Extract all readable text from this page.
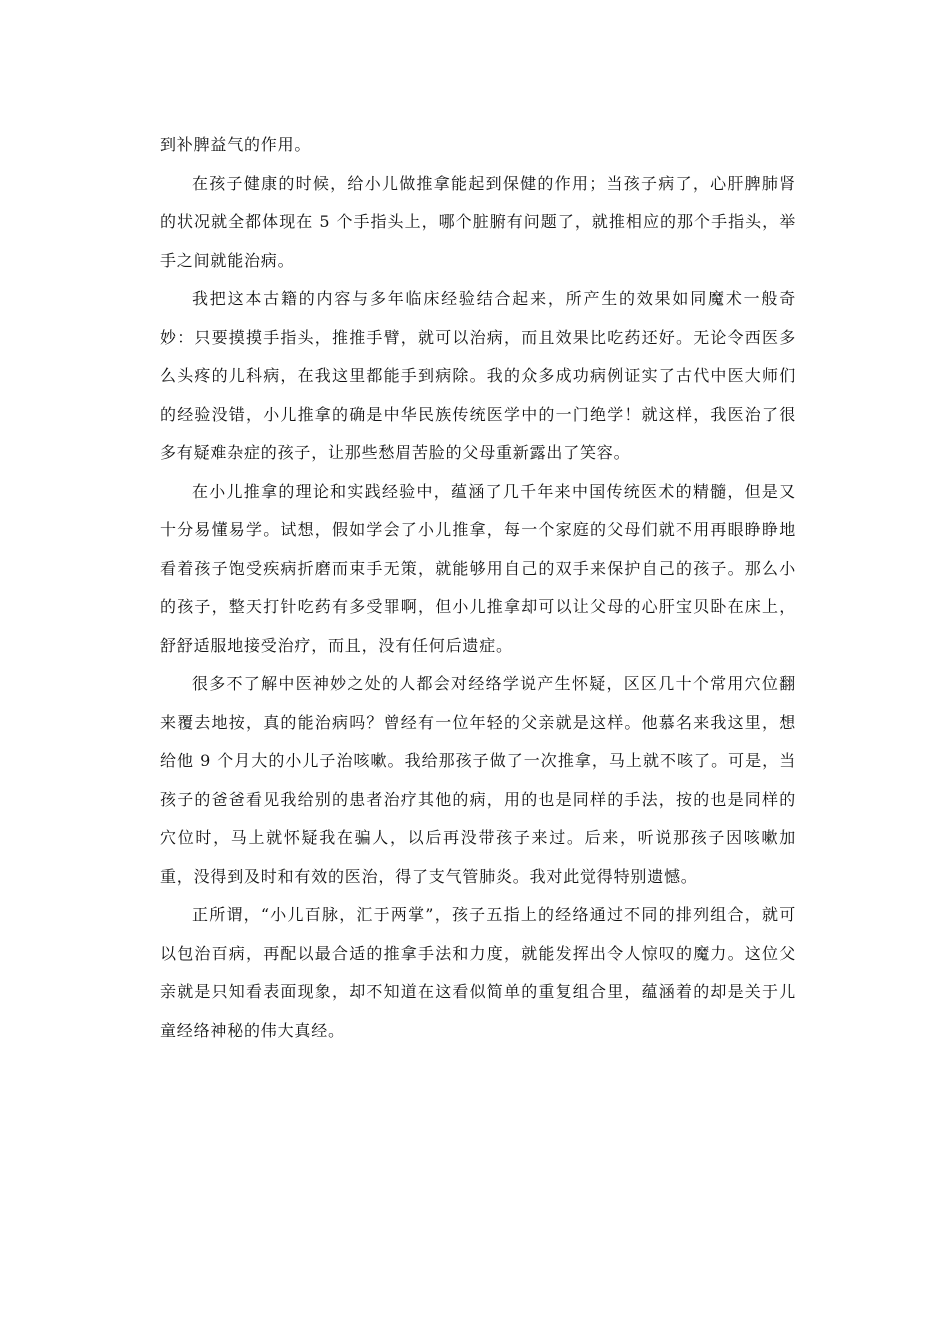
到补脾益气的作用。

在孩子健康的时候，给小儿做推拿能起到保健的作用；当孩子病了，心肝脾肺肾的状况就全都体现在 5 个手指头上，哪个脏腑有问题了，就推相应的那个手指头，举手之间就能治病。

我把这本古籍的内容与多年临床经验结合起来，所产生的效果如同魔术一般奇妙：只要摸摸手指头，推推手臂，就可以治病，而且效果比吃药还好。无论令西医多么头疼的儿科病，在我这里都能手到病除。我的众多成功病例证实了古代中医大师们的经验没错，小儿推拿的确是中华民族传统医学中的一门绝学！就这样，我医治了很多有疑难杂症的孩子，让那些愁眉苦脸的父母重新露出了笑容。

在小儿推拿的理论和实践经验中，蕴涵了几千年来中国传统医术的精髓，但是又十分易懂易学。试想，假如学会了小儿推拿，每一个家庭的父母们就不用再眼睁睁地看着孩子饱受疾病折磨而束手无策，就能够用自己的双手来保护自己的孩子。那么小的孩子，整天打针吃药有多受罪啊，但小儿推拿却可以让父母的心肝宝贝卧在床上，舒舒适服地接受治疗，而且，没有任何后遗症。

很多不了解中医神妙之处的人都会对经络学说产生怀疑，区区几十个常用穴位翻来覆去地按，真的能治病吗？曾经有一位年轻的父亲就是这样。他慕名来我这里，想给他 9 个月大的小儿子治咳嗽。我给那孩子做了一次推拿，马上就不咳了。可是，当孩子的爸爸看见我给别的患者治疗其他的病，用的也是同样的手法，按的也是同样的穴位时，马上就怀疑我在骗人，以后再没带孩子来过。后来，听说那孩子因咳嗽加重，没得到及时和有效的医治，得了支气管肺炎。我对此觉得特别遗憾。

正所谓，“小儿百脉，汇于两掌”，孩子五指上的经络通过不同的排列组合，就可以包治百病，再配以最合适的推拿手法和力度，就能发挥出令人惊叹的魔力。这位父亲就是只知看表面现象，却不知道在这看似简单的重复组合里，蕴涵着的却是关于儿童经络神秘的伟大真经。
